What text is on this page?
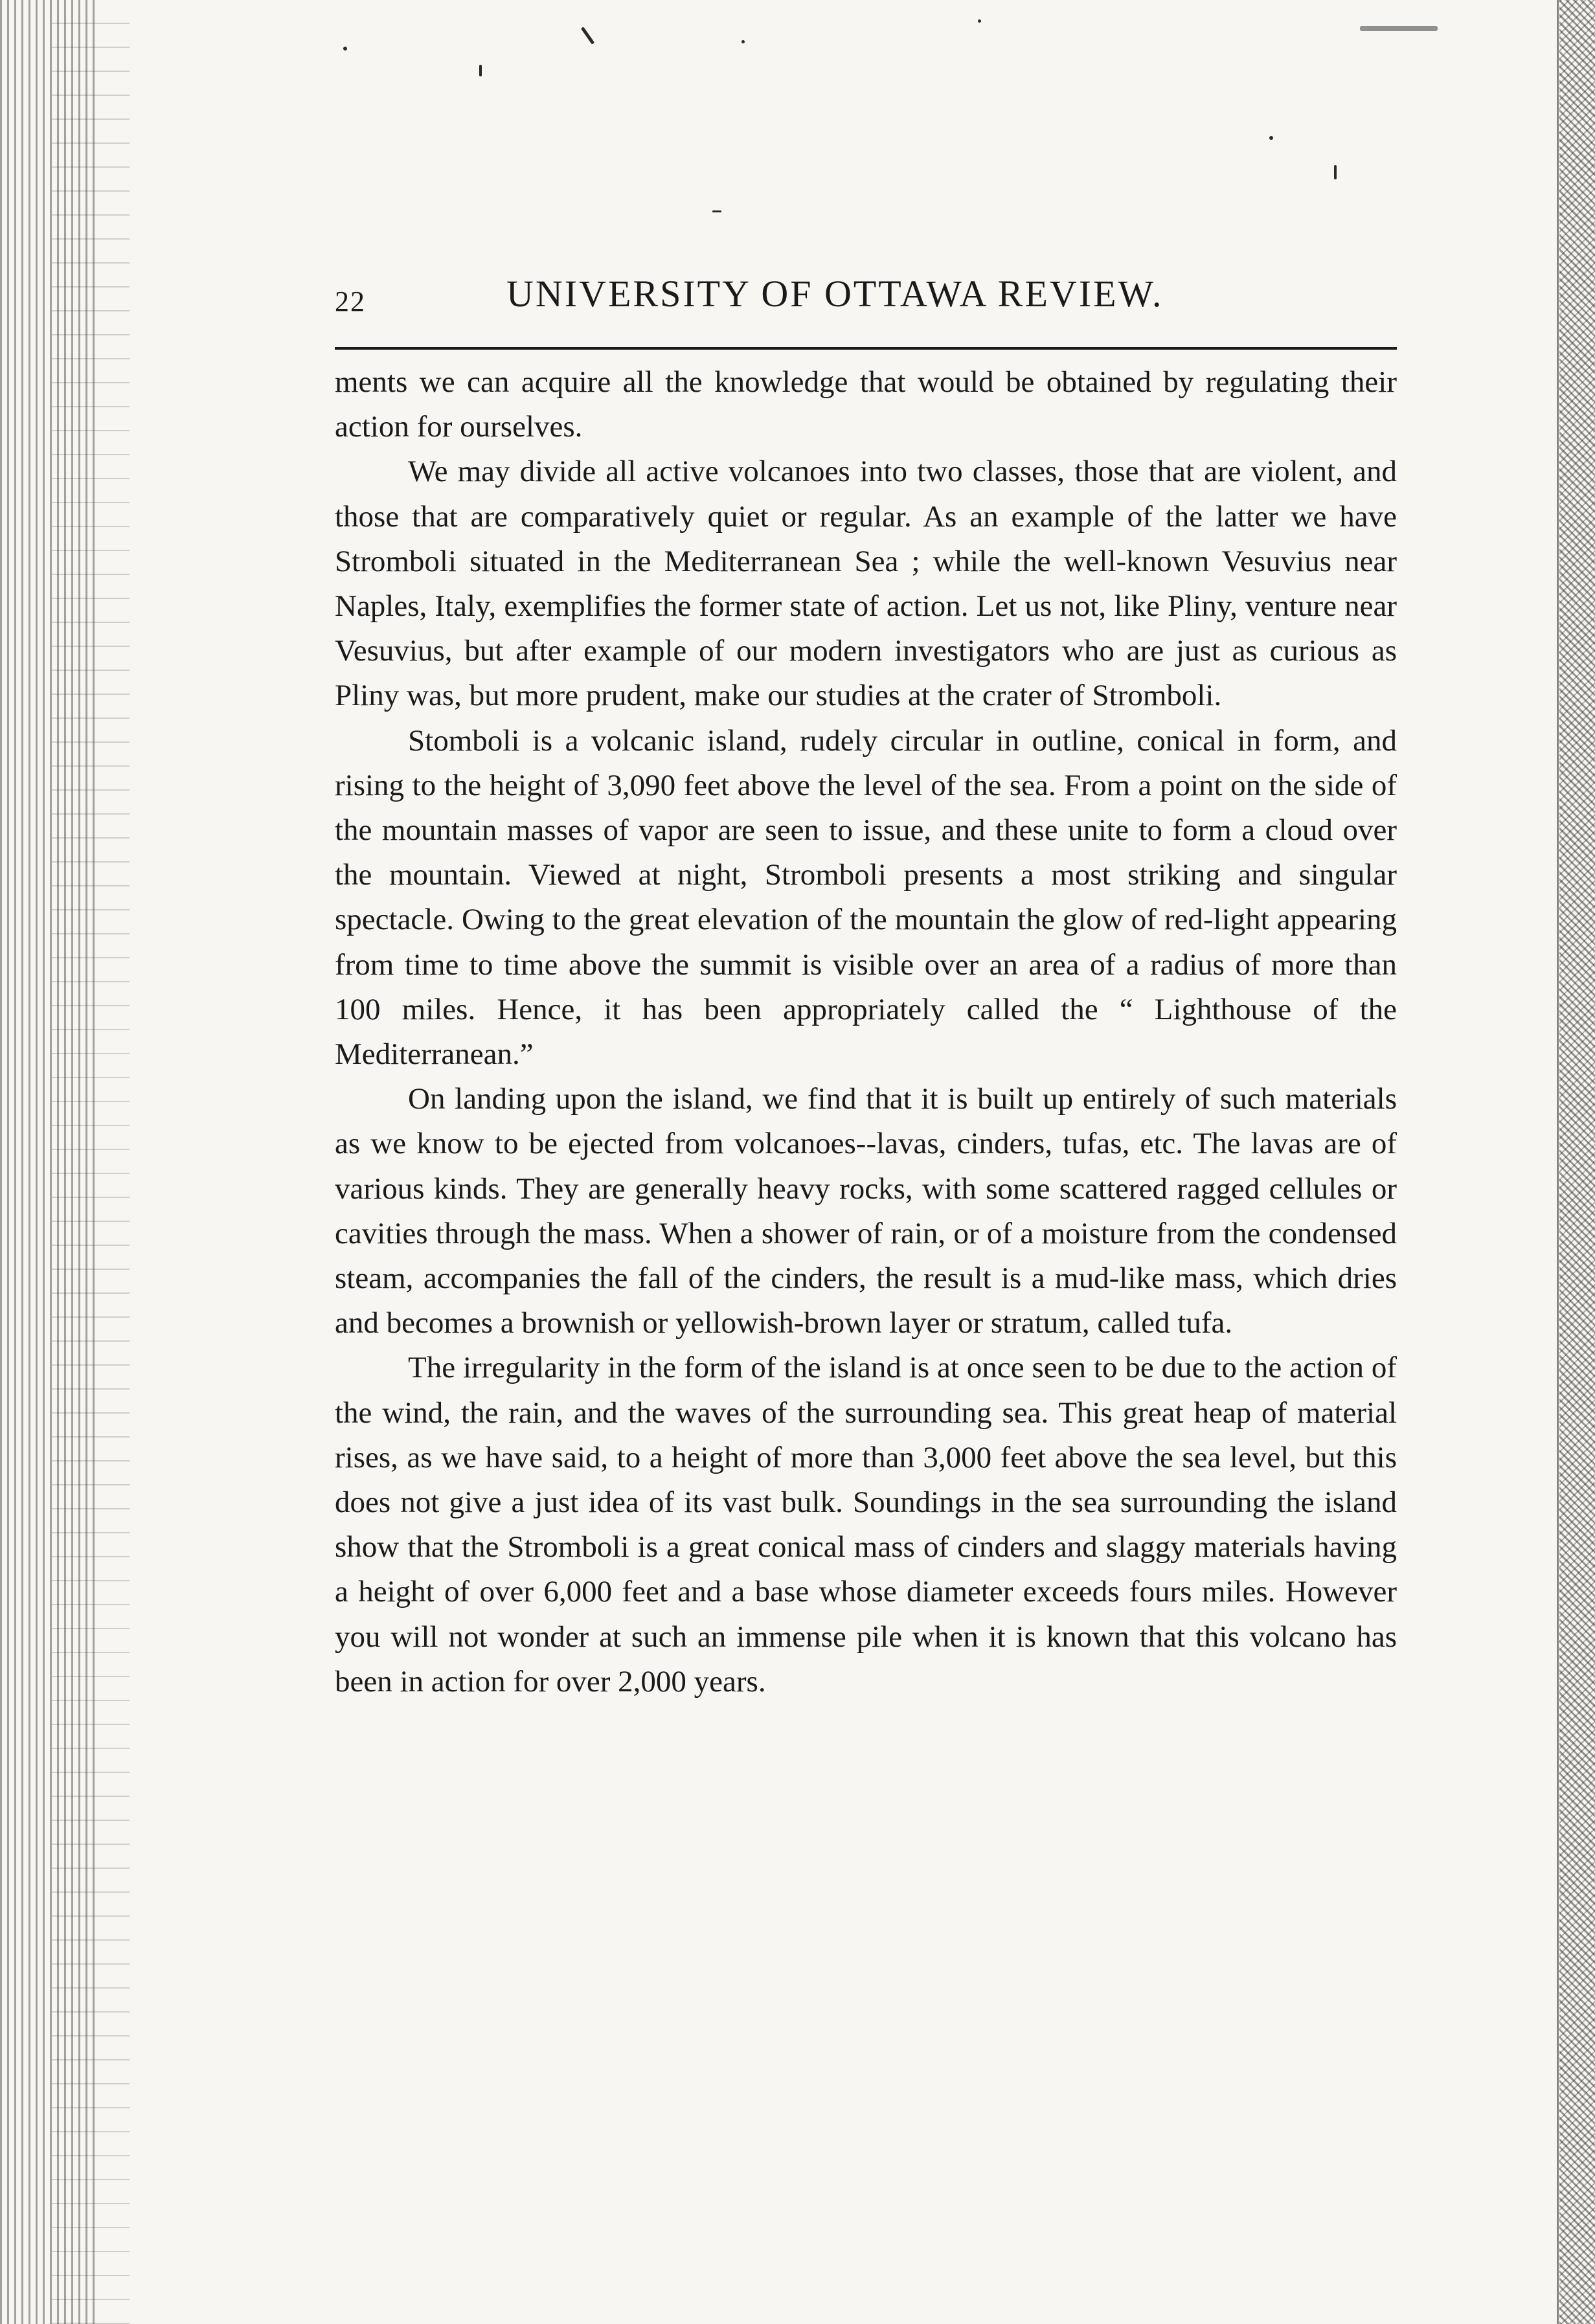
22	UNIVERSITY OF OTTAWA REVIEW.

ments we can acquire all the knowledge that would be obtained by regulating their action for ourselves.

We may divide all active volcanoes into two classes, those that are violent, and those that are comparatively quiet or regular. As an example of the latter we have Stromboli situated in the Mediterranean Sea ; while the well-known Vesuvius near Naples, Italy, exemplifies the former state of action. Let us not, like Pliny, venture near Vesuvius, but after example of our modern investigators who are just as curious as Pliny was, but more prudent, make our studies at the crater of Stromboli.

Stomboli is a volcanic island, rudely circular in outline, conical in form, and rising to the height of 3,090 feet above the level of the sea. From a point on the side of the mountain masses of vapor are seen to issue, and these unite to form a cloud over the mountain. Viewed at night, Stromboli presents a most striking and singular spectacle. Owing to the great elevation of the mountain the glow of red-light appearing from time to time above the summit is visible over an area of a radius of more than 100 miles. Hence, it has been appropriately called the “ Lighthouse of the Mediterranean.”

On landing upon the island, we find that it is built up entirely of such materials as we know to be ejected from volcanoes--lavas, cinders, tufas, etc. The lavas are of various kinds. They are generally heavy rocks, with some scattered ragged cellules or cavities through the mass. When a shower of rain, or of a moisture from the condensed steam, accompanies the fall of the cinders, the result is a mud-like mass, which dries and becomes a brownish or yellowish-brown layer or stratum, called tufa.

The irregularity in the form of the island is at once seen to be due to the action of the wind, the rain, and the waves of the surrounding sea. This great heap of material rises, as we have said, to a height of more than 3,000 feet above the sea level, but this does not give a just idea of its vast bulk. Soundings in the sea surrounding the island show that the Stromboli is a great conical mass of cinders and slaggy materials having a height of over 6,000 feet and a base whose diameter exceeds fours miles. However you will not wonder at such an immense pile when it is known that this volcano has been in action for over 2,000 years.
